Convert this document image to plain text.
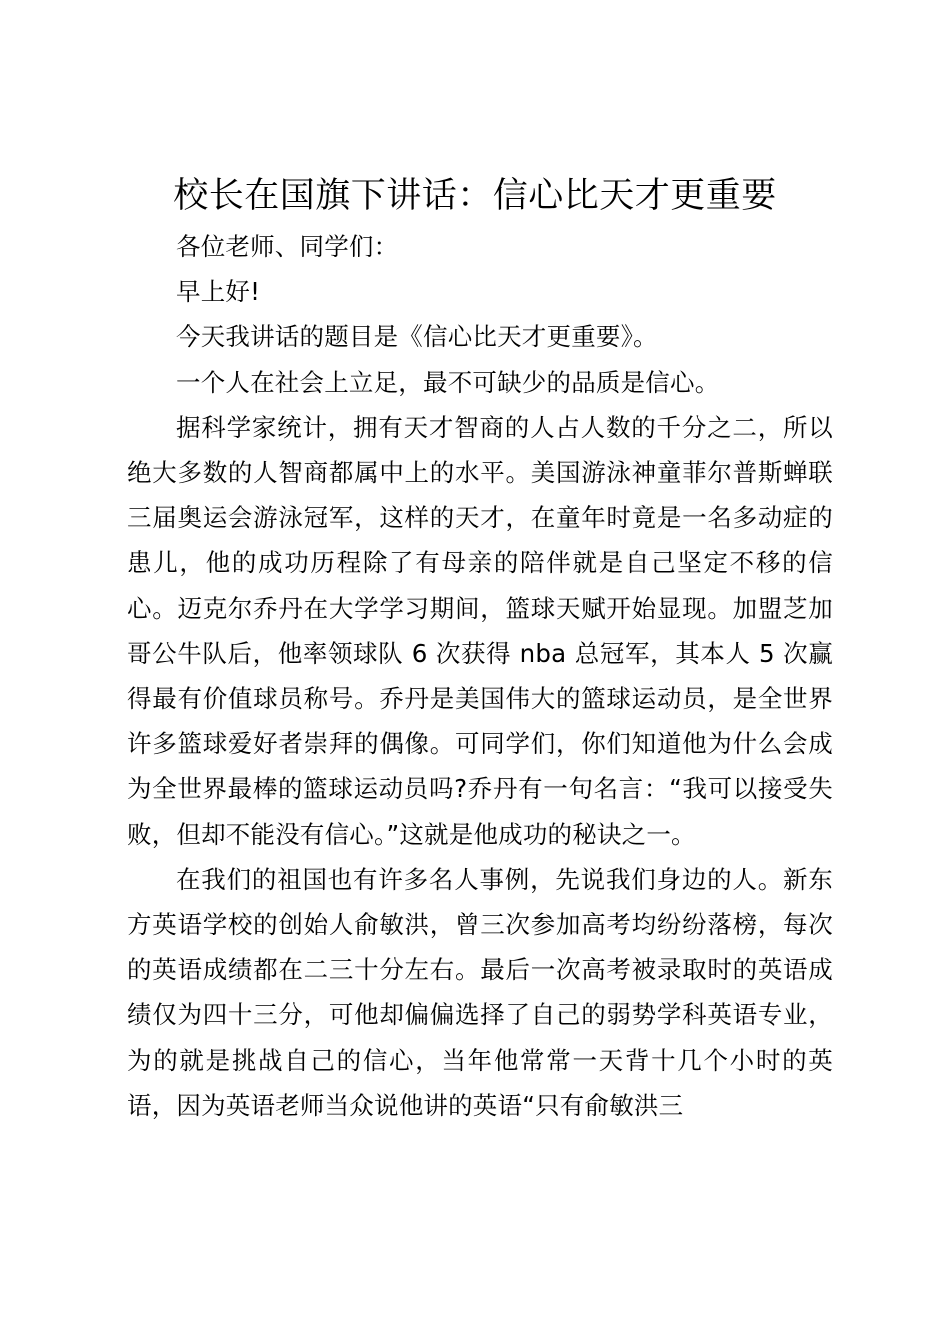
校长在国旗下讲话：信心比天才更重要

各位老师、同学们：

早上好!

今天我讲话的题目是《信心比天才更重要》。

一个人在社会上立足，最不可缺少的品质是信心。

据科学家统计，拥有天才智商的人占人数的千分之二，所以绝大多数的人智商都属中上的水平。美国游泳神童菲尔普斯蝉联三届奥运会游泳冠军，这样的天才，在童年时竟是一名多动症的患儿，他的成功历程除了有母亲的陪伴就是自己坚定不移的信心。迈克尔乔丹在大学学习期间，篮球天赋开始显现。加盟芝加哥公牛队后，他率领球队 6 次获得 nba 总冠军，其本人 5 次赢得最有价值球员称号。乔丹是美国伟大的篮球运动员，是全世界许多篮球爱好者崇拜的偶像。可同学们，你们知道他为什么会成为全世界最棒的篮球运动员吗?乔丹有一句名言：“我可以接受失败，但却不能没有信心。”这就是他成功的秘诀之一。

在我们的祖国也有许多名人事例，先说我们身边的人。新东方英语学校的创始人俞敏洪，曾三次参加高考均纷纷落榜，每次的英语成绩都在二三十分左右。最后一次高考被录取时的英语成绩仅为四十三分，可他却偏偏选择了自己的弱势学科英语专业，为的就是挑战自己的信心，当年他常常一天背十几个小时的英语，因为英语老师当众说他讲的英语“只有俞敏洪三
